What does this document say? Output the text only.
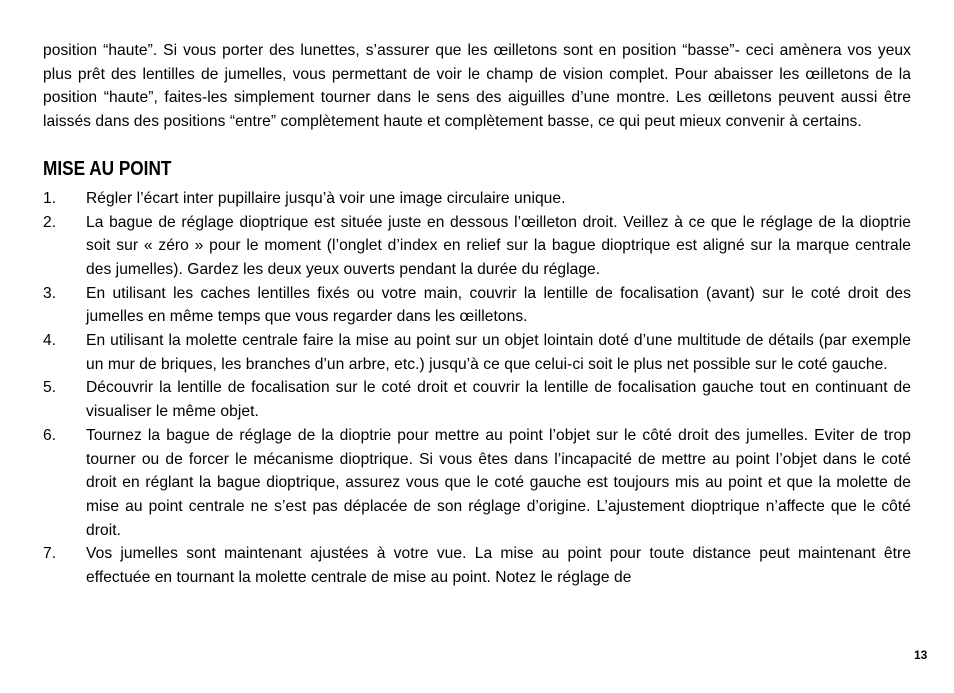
position “haute”. Si vous porter des lunettes, s’assurer que les œilletons sont en position “basse”- ceci amènera vos yeux plus prêt des lentilles de jumelles, vous permettant de voir le champ de vision complet. Pour abaisser les œilletons de la position “haute”, faites-les simplement tourner dans le sens des aiguilles d’une montre. Les œilletons peuvent aussi être laissés dans des positions “entre” complètement haute et complètement basse, ce qui peut mieux convenir à certains.

MISE AU POINT
1. Régler l’écart inter pupillaire jusqu’à voir une image circulaire unique.
2. La bague de réglage dioptrique est située juste en dessous l’œilleton droit. Veillez à ce que le réglage de la dioptrie soit sur « zéro » pour le moment (l’onglet d’index en relief sur la bague dioptrique est aligné sur la marque centrale des jumelles). Gardez les deux yeux ouverts pendant la durée du réglage.
3. En utilisant les caches lentilles fixés ou votre main, couvrir la lentille de focalisation (avant) sur le coté droit des jumelles en même temps que vous regarder dans les œilletons.
4. En utilisant la molette centrale faire la mise au point sur un objet lointain doté d’une multitude de détails (par exemple un mur de briques, les branches d’un arbre, etc.) jusqu’à ce que celui-ci soit le plus net possible sur le coté gauche.
5. Découvrir la lentille de focalisation sur le coté droit et couvrir la lentille de focalisation gauche tout en continuant de visualiser le même objet.
6. Tournez la bague de réglage de la dioptrie pour mettre au point l’objet sur le côté droit des jumelles. Eviter de trop tourner ou de forcer le mécanisme dioptrique. Si vous êtes dans l’incapacité de mettre au point l’objet dans le coté droit en réglant la bague dioptrique, assurez vous que le coté gauche est toujours mis au point et que la molette de mise au point centrale ne s’est pas déplacée de son réglage d’origine. L’ajustement dioptrique n’affecte que le côté droit.
7. Vos jumelles sont maintenant ajustées à votre vue. La mise au point pour toute distance peut maintenant être effectuée en tournant la molette centrale de mise au point. Notez le réglage de
13
